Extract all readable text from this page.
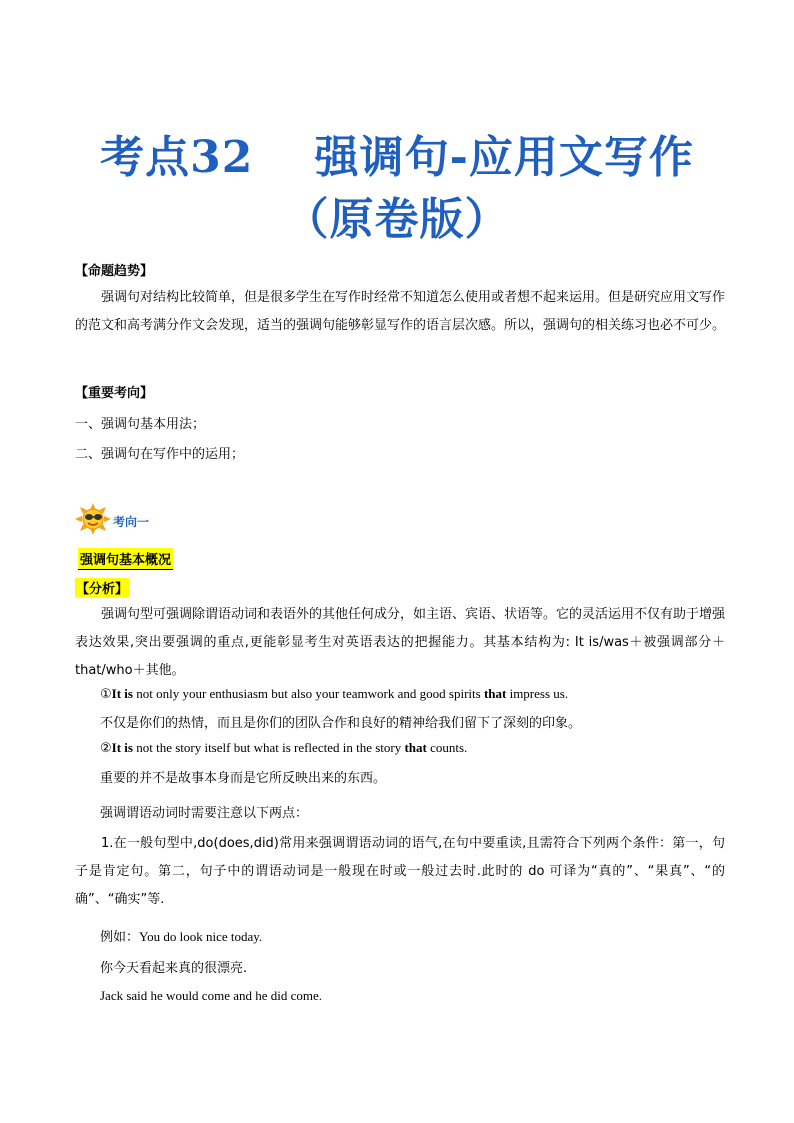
考点32　 强调句-应用文写作
（原卷版）
【命题趋势】
强调句对结构比较简单，但是很多学生在写作时经常不知道怎么使用或者想不起来运用。但是研究应用文写作的范文和高考满分作文会发现，适当的强调句能够彰显写作的语言层次感。所以，强调句的相关练习也必不可少。
【重要考向】
一、强调句基本用法；
二、强调句在写作中的运用；
考向一
强调句基本概况
【分析】
强调句型可强调除谓语动词和表语外的其他任何成分，如主语、宾语、状语等。它的灵活运用不仅有助于增强表达效果,突出要强调的重点,更能彰显考生对英语表达的把握能力。其基本结构为: It is/was＋被强调部分＋that/who＋其他。
①It is not only your enthusiasm but also your teamwork and good spirits that impress us.
不仅是你们的热情，而且是你们的团队合作和良好的精神给我们留下了深刻的印象。
②It is not the story itself but what is reflected in the story that counts.
重要的并不是故事本身而是它所反映出来的东西。
强调谓语动词时需要注意以下两点：
1.在一般句型中,do(does,did)常用来强调谓语动词的语气,在句中要重读,且需符合下列两个条件：第一，句子是肯定句。第二，句子中的谓语动词是一般现在时或一般过去时.此时的 do 可译为“真的”、“果真”、“的确”、“确实”等.
例如：You do look nice today.
你今天看起来真的很漂亮.
Jack said he would come and he did come.
